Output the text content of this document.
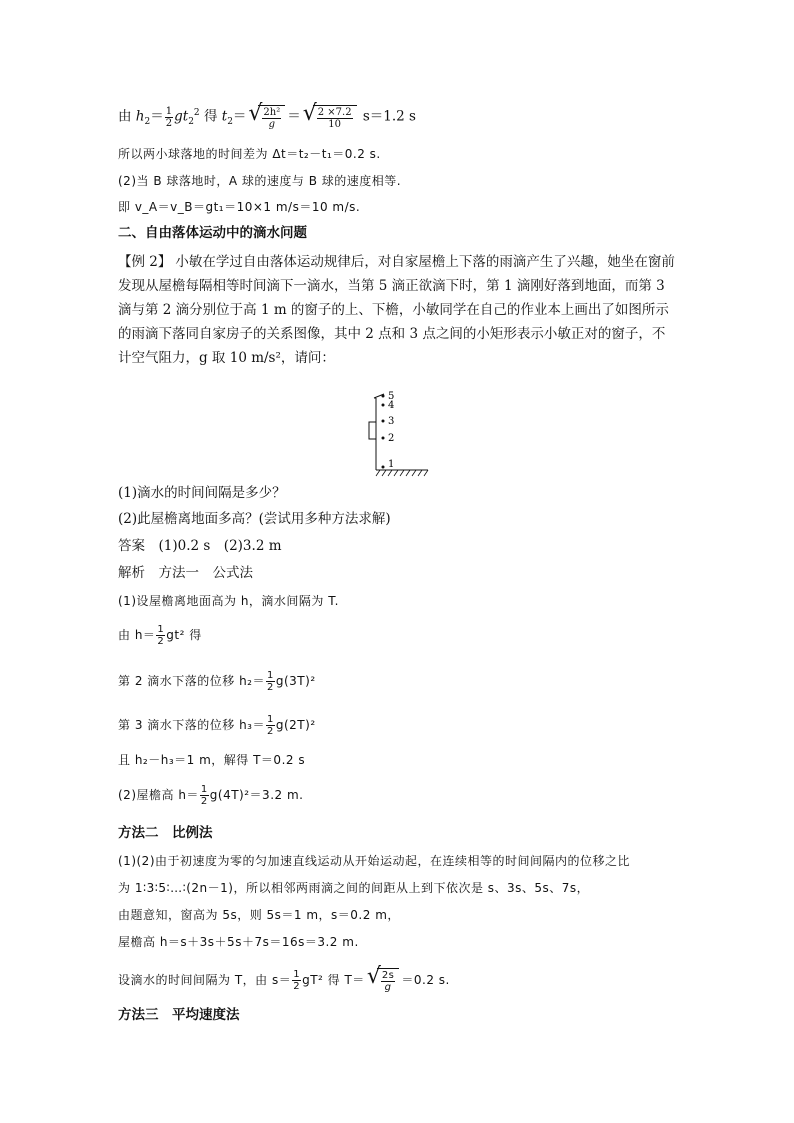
由 $h_2= \frac{1}{2} gt_2^2$ 得 $t_2=$ √ $\frac{\text{2h²}}{g}$ ＝ √ $\frac{2 \times 7.2}{10} s=1.2$ s
所以两小球落地的时间差为 Δt＝t₂－t₁＝0.2 s.
(2)当 B 球落地时，A 球的速度与 B 球的速度相等.
即 v_A＝v_B＝gt₁＝10×1 m/s＝10 m/s.
二、自由落体运动中的滴水问题
【例 2】 小敏在学过自由落体运动规律后，对自家屋檐上下落的雨滴产生了兴趣，她坐在窗前发现从屋檐每隔相等时间滴下一滴水，当第 5 滴正欲滴下时，第 1 滴刚好落到地面，而第 3 滴与第 2 滴分别位于高 1 m 的窗子的上、下檐，小敏同学在自己的作业本上画出了如图所示的雨滴下落同自家房子的关系图像，其中 2 点和 3 点之间的小矩形表示小敏正对的窗子，不计空气阻力，g 取 10 m/s²，请问：
5
4
3
2
1
(1)滴水的时间间隔是多少？
(2)此屋檐离地面多高？(尝试用多种方法求解)
答案　(1)0.2 s　(2)3.2 m
解析　方法一　公式法
(1)设屋檐离地面高为 h，滴水间隔为 T.
由 $h= \frac{1}{2} gt^2$ 得
第 2 滴水下落的位移 $h_2= \frac{1}{2} g(3T)^2$
第 3 滴水下落的位移 $h_3= \frac{1}{2} g(2T)^2$
且 h₂－h₃＝1 m，解得 T＝0.2 s
(2)屋檐高 $h= \frac{1}{2} g(4T)^2=3.2$ m.
方法二　比例法
(1)(2)由于初速度为零的匀加速直线运动从开始运动起，在连续相等的时间间隔内的位移之比
为 1∶3∶5∶…∶(2n－1)，所以相邻两雨滴之间的间距从上到下依次是 s、3s、5s、7s，
由题意知，窗高为 5s，则 5s＝1 m，s＝0.2 m，
屋檐高 h＝s＋3s＋5s＋7s＝16s＝3.2 m.
设滴水的时间间隔为 T，由 $s= \frac{1}{2} gT^2$ 得 T＝ √ $\frac{2s}{g} =0.2$ s.
方法三　平均速度法
